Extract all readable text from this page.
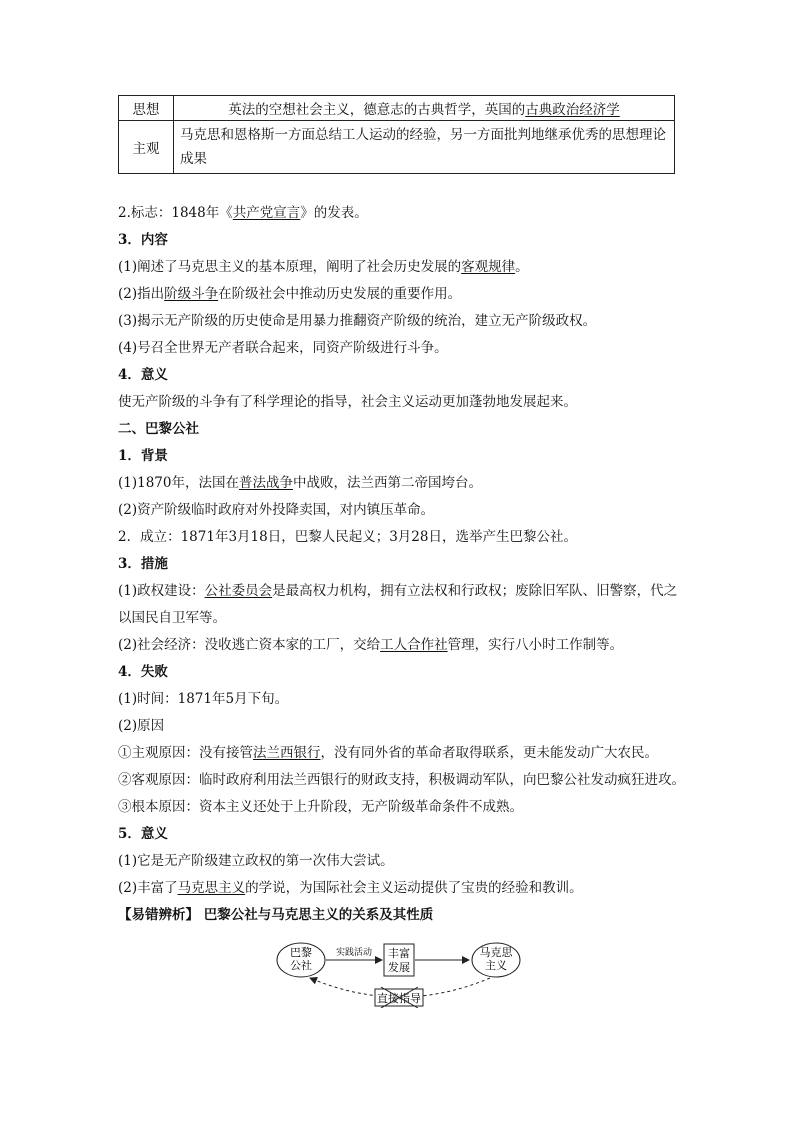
思想	英法的空想社会主义，德意志的古典哲学，英国的古典政治经济学
主观	马克思和恩格斯一方面总结工人运动的经验，另一方面批判地继承优秀的思想理论成果
2.标志：1848年《共产党宣言》的发表。
3．内容
(1)阐述了马克思主义的基本原理，阐明了社会历史发展的客观规律。
(2)指出阶级斗争在阶级社会中推动历史发展的重要作用。
(3)揭示无产阶级的历史使命是用暴力推翻资产阶级的统治，建立无产阶级政权。
(4)号召全世界无产者联合起来，同资产阶级进行斗争。
4．意义
使无产阶级的斗争有了科学理论的指导，社会主义运动更加蓬勃地发展起来。
二、巴黎公社
1．背景
(1)1870年，法国在普法战争中战败，法兰西第二帝国垮台。
(2)资产阶级临时政府对外投降卖国，对内镇压革命。
2．成立：1871年3月18日，巴黎人民起义；3月28日，选举产生巴黎公社。
3．措施
(1)政权建设：公社委员会是最高权力机构，拥有立法权和行政权；废除旧军队、旧警察，代之以国民自卫军等。
(2)社会经济：没收逃亡资本家的工厂，交给工人合作社管理，实行八小时工作制等。
4．失败
(1)时间：1871年5月下旬。
(2)原因
①主观原因：没有接管法兰西银行，没有同外省的革命者取得联系，更未能发动广大农民。
②客观原因：临时政府利用法兰西银行的财政支持，积极调动军队，向巴黎公社发动疯狂进攻。
③根本原因：资本主义还处于上升阶段，无产阶级革命条件不成熟。
5．意义
(1)它是无产阶级建立政权的第一次伟大尝试。
(2)丰富了马克思主义的学说，为国际社会主义运动提供了宝贵的经验和教训。
【易错辨析】 巴黎公社与马克思主义的关系及其性质
巴黎
公社
实践活动 丰富
发展
马克思
主义
直接指导
